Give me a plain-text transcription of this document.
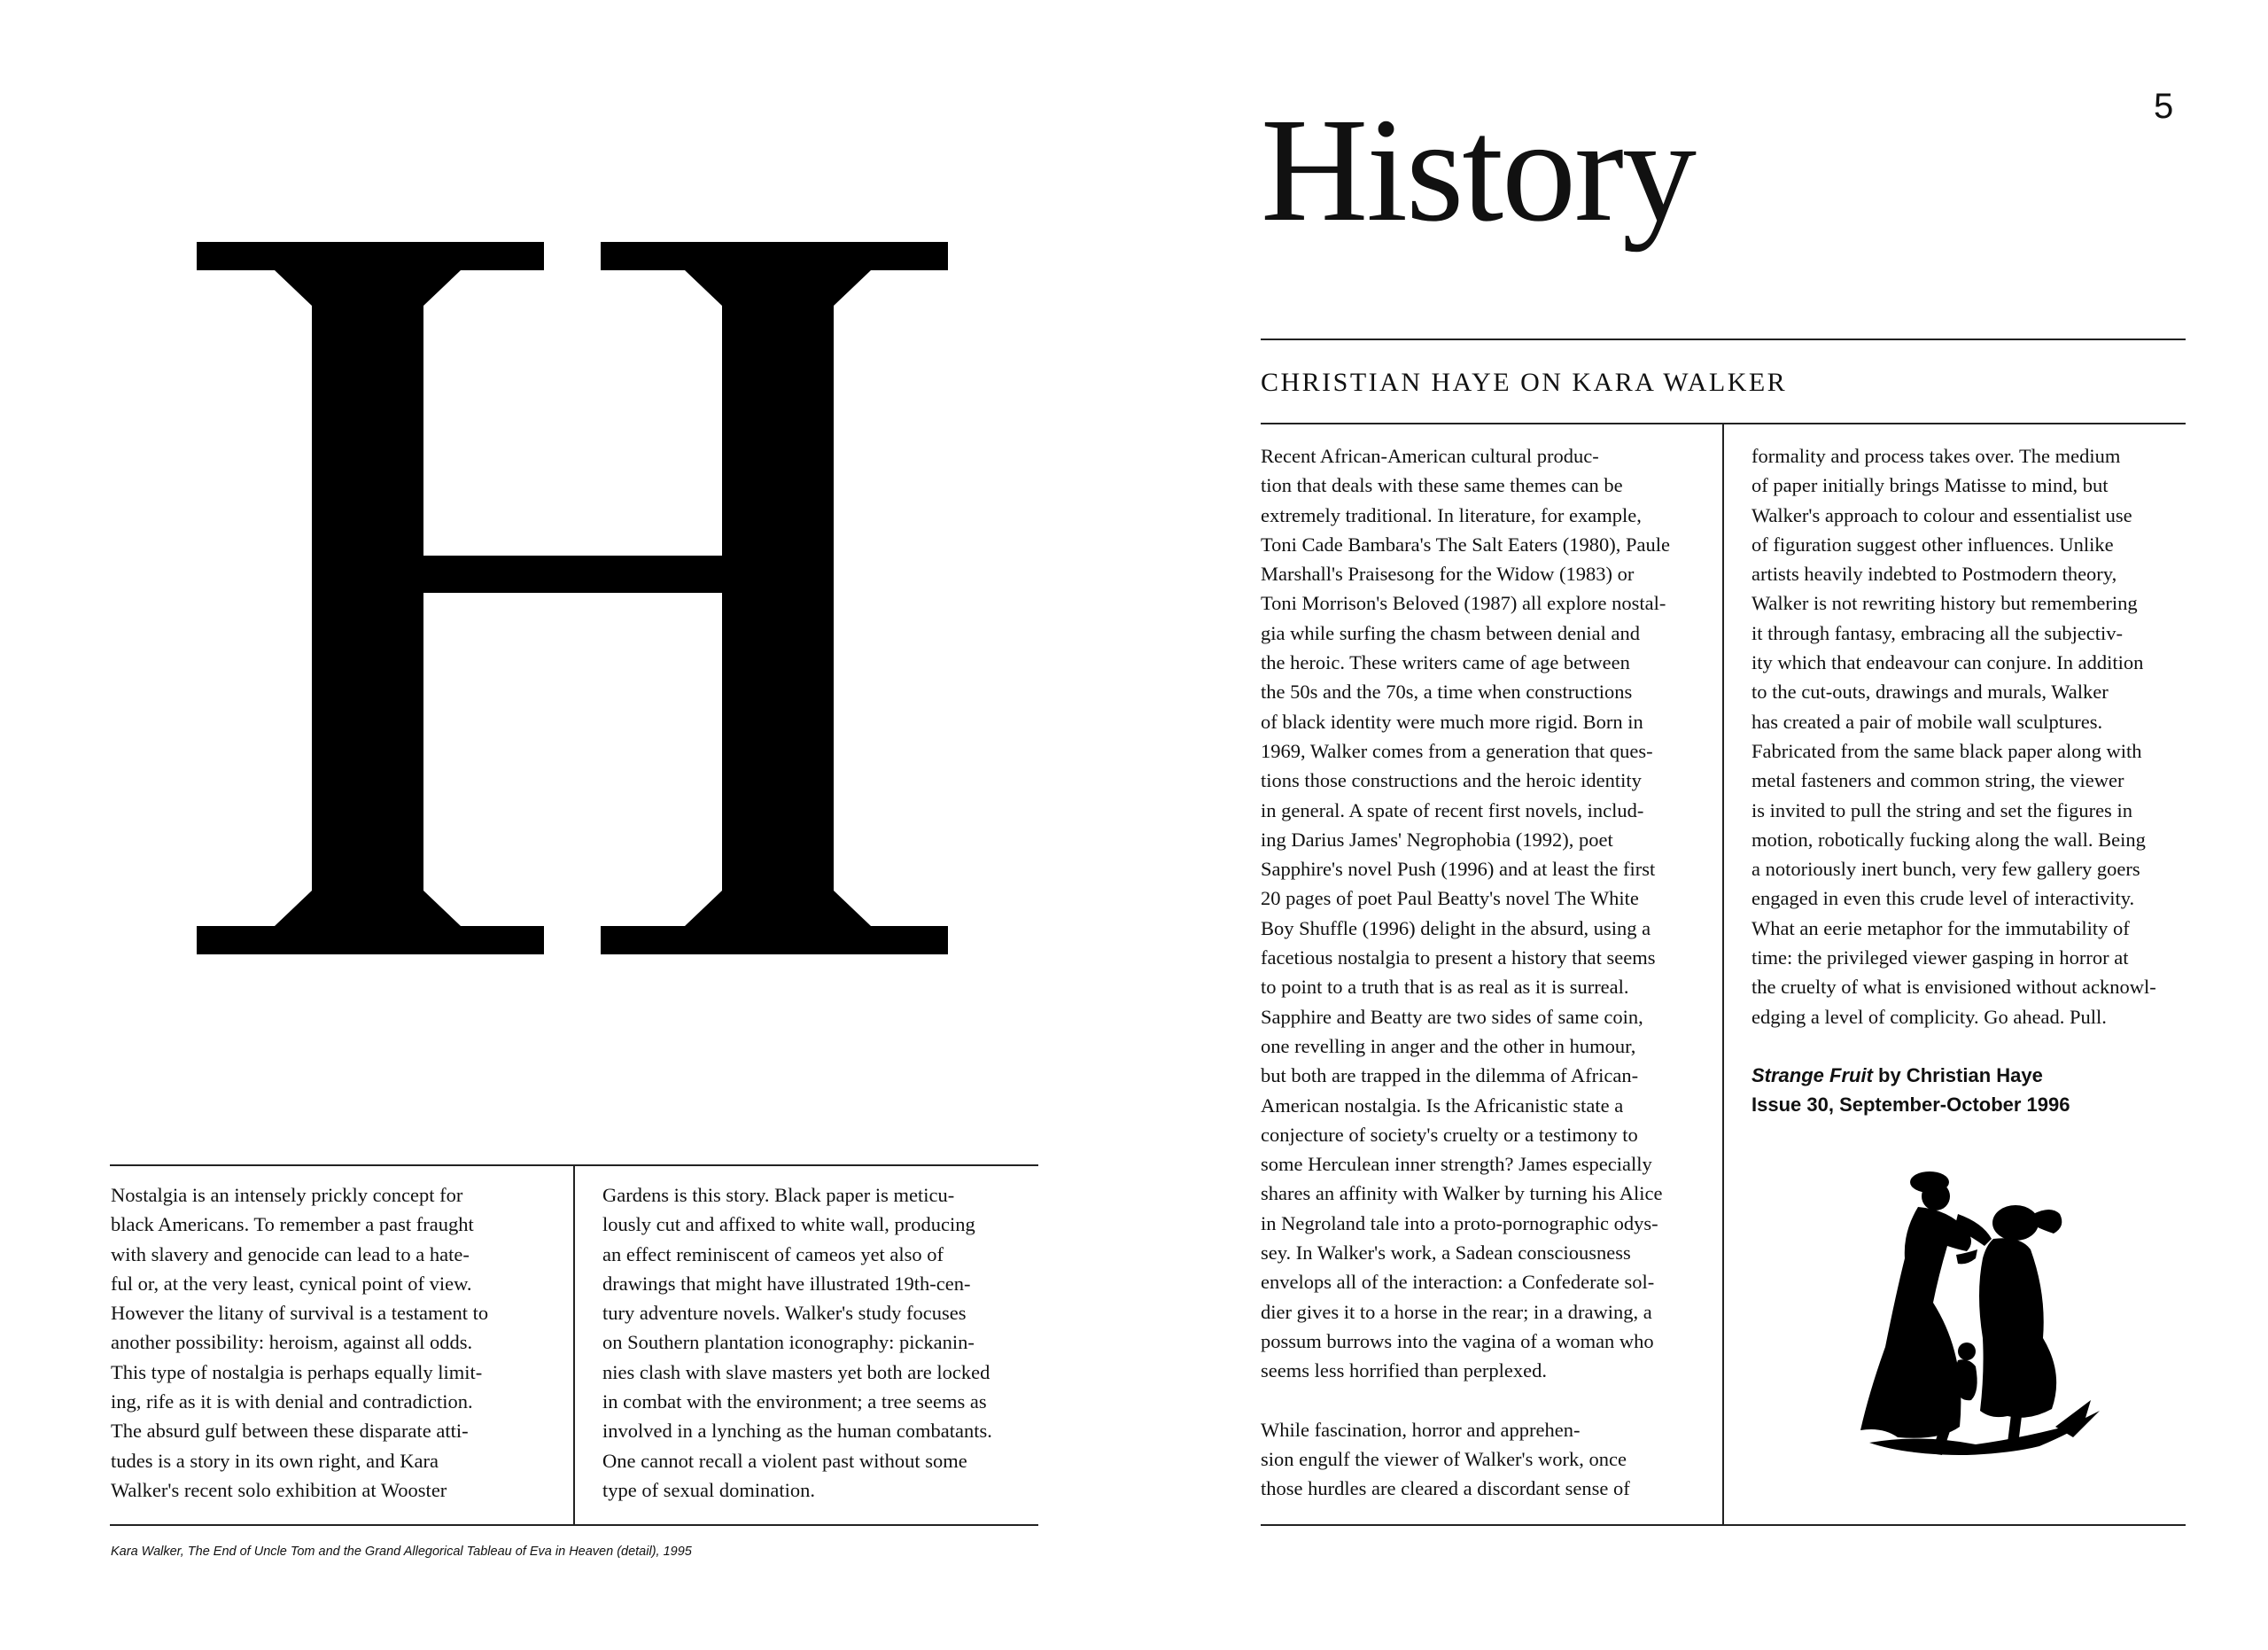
5
History
CHRISTIAN HAYE ON KARA WALKER
Nostalgia is an intensely prickly concept for
black Americans. To remember a past fraught
with slavery and genocide can lead to a hate-
ful or, at the very least, cynical point of view.
However the litany of survival is a testament to
another possibility: heroism, against all odds.
This type of nostalgia is perhaps equally limit-
ing, rife as it is with denial and contradiction.
The absurd gulf between these disparate atti-
tudes is a story in its own right, and Kara
Walker's recent solo exhibition at Wooster
Gardens is this story. Black paper is meticu-
lously cut and affixed to white wall, producing
an effect reminiscent of cameos yet also of
drawings that might have illustrated 19th-cen-
tury adventure novels. Walker's study focuses
on Southern plantation iconography: pickanin-
nies clash with slave masters yet both are locked
in combat with the environment; a tree seems as
involved in a lynching as the human combatants.
One cannot recall a violent past without some
type of sexual domination.
Recent African-American cultural produc-
tion that deals with these same themes can be
extremely traditional. In literature, for example,
Toni Cade Bambara's The Salt Eaters (1980), Paule
Marshall's Praisesong for the Widow (1983) or
Toni Morrison's Beloved (1987) all explore nostal-
gia while surfing the chasm between denial and
the heroic. These writers came of age between
the 50s and the 70s, a time when constructions
of black identity were much more rigid. Born in
1969, Walker comes from a generation that ques-
tions those constructions and the heroic identity
in general. A spate of recent first novels, includ-
ing Darius James' Negrophobia (1992), poet
Sapphire's novel Push (1996) and at least the first
20 pages of poet Paul Beatty's novel The White
Boy Shuffle (1996) delight in the absurd, using a
facetious nostalgia to present a history that seems
to point to a truth that is as real as it is surreal.
Sapphire and Beatty are two sides of same coin,
one revelling in anger and the other in humour,
but both are trapped in the dilemma of African-
American nostalgia. Is the Africanistic state a
conjecture of society's cruelty or a testimony to
some Herculean inner strength? James especially
shares an affinity with Walker by turning his Alice
in Negroland tale into a proto-pornographic odys-
sey. In Walker's work, a Sadean consciousness
envelops all of the interaction: a Confederate sol-
dier gives it to a horse in the rear; in a drawing, a
possum burrows into the vagina of a woman who
seems less horrified than perplexed.
While fascination, horror and apprehen-
sion engulf the viewer of Walker's work, once
those hurdles are cleared a discordant sense of
formality and process takes over. The medium
of paper initially brings Matisse to mind, but
Walker's approach to colour and essentialist use
of figuration suggest other influences. Unlike
artists heavily indebted to Postmodern theory,
Walker is not rewriting history but remembering
it through fantasy, embracing all the subjectiv-
ity which that endeavour can conjure. In addition
to the cut-outs, drawings and murals, Walker
has created a pair of mobile wall sculptures.
Fabricated from the same black paper along with
metal fasteners and common string, the viewer
is invited to pull the string and set the figures in
motion, robotically fucking along the wall. Being
a notoriously inert bunch, very few gallery goers
engaged in even this crude level of interactivity.
What an eerie metaphor for the immutability of
time: the privileged viewer gasping in horror at
the cruelty of what is envisioned without acknowl-
edging a level of complicity. Go ahead. Pull.
Strange Fruit by Christian Haye
Issue 30, September-October 1996
Kara Walker, The End of Uncle Tom and the Grand Allegorical Tableau of Eva in Heaven (detail), 1995
